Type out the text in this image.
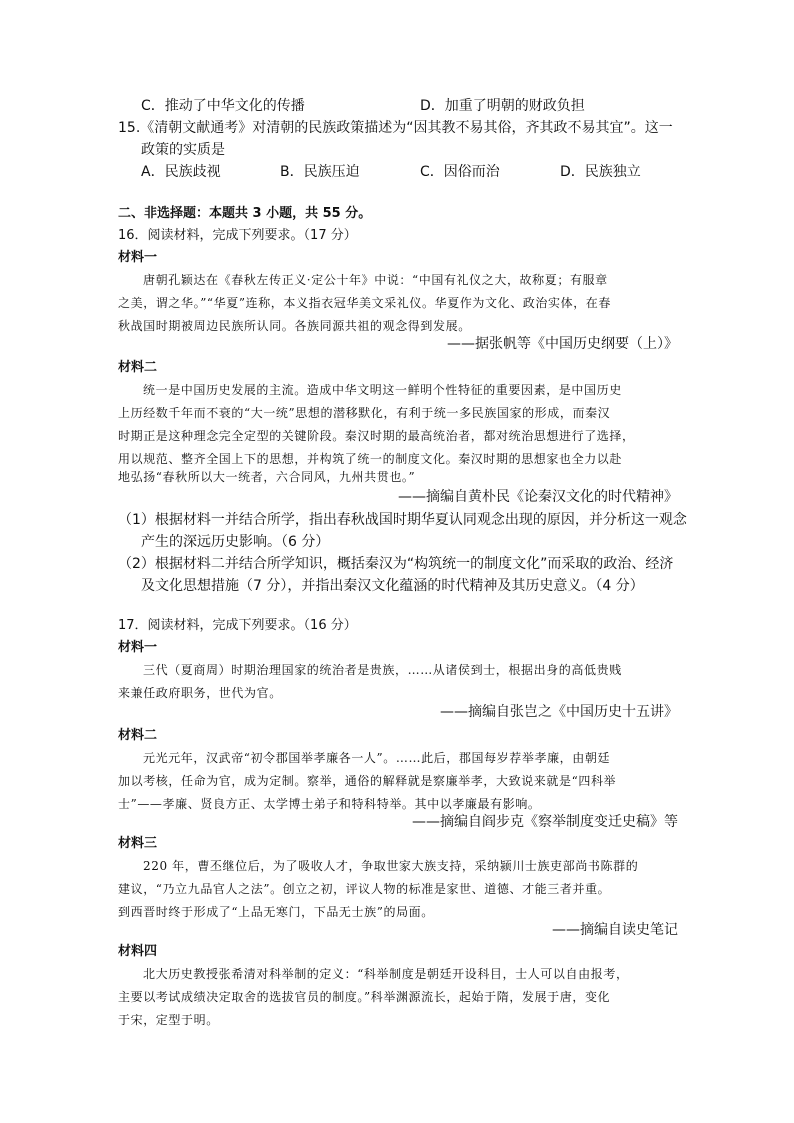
C．推动了中华文化的传播	D．加重了明朝的财政负担
15.《清朝文献通考》对清朝的民族政策描述为“因其教不易其俗，齐其政不易其宜”。这一
政策的实质是
A．民族歧视	B．民族压迫	C．因俗而治	D．民族独立
二、非选择题：本题共 3 小题，共 55 分。
16．阅读材料，完成下列要求。（17 分）
材料一
唐朝孔颖达在《春秋左传正义·定公十年》中说：“中国有礼仪之大，故称夏；有服章
之美，谓之华。”“华夏”连称，本义指衣冠华美文采礼仪。华夏作为文化、政治实体，在春
秋战国时期被周边民族所认同。各族同源共祖的观念得到发展。
——据张帆等《中国历史纲要（上）》
材料二
统一是中国历史发展的主流。造成中华文明这一鲜明个性特征的重要因素，是中国历史
上历经数千年而不衰的“大一统”思想的潜移默化，有利于统一多民族国家的形成，而秦汉
时期正是这种理念完全定型的关键阶段。秦汉时期的最高统治者，都对统治思想进行了选择，
用以规范、整齐全国上下的思想，并构筑了统一的制度文化。秦汉时期的思想家也全力以赴
地弘扬“春秋所以大一统者，六合同风，九州共贯也。”
——摘编自黄朴民《论秦汉文化的时代精神》
（1）根据材料一并结合所学，指出春秋战国时期华夏认同观念出现的原因，并分析这一观念
产生的深远历史影响。（6 分）
（2）根据材料二并结合所学知识，概括秦汉为“构筑统一的制度文化”而采取的政治、经济
及文化思想措施（7 分），并指出秦汉文化蕴涵的时代精神及其历史意义。（4 分）
17．阅读材料，完成下列要求。（16 分）
材料一
三代（夏商周）时期治理国家的统治者是贵族，……从诸侯到士，根据出身的高低贵贱
来兼任政府职务，世代为官。
——摘编自张岂之《中国历史十五讲》
材料二
元光元年，汉武帝“初令郡国举孝廉各一人”。……此后，郡国每岁荐举孝廉，由朝廷
加以考核，任命为官，成为定制。察举，通俗的解释就是察廉举孝，大致说来就是“四科举
士”——孝廉、贤良方正、太学博士弟子和特科特举。其中以孝廉最有影响。
——摘编自阎步克《察举制度变迁史稿》等
材料三
220 年，曹丕继位后，为了吸收人才，争取世家大族支持，采纳颍川士族吏部尚书陈群的
建议，“乃立九品官人之法”。创立之初，评议人物的标准是家世、道德、才能三者并重。
到西晋时终于形成了“上品无寒门，下品无士族”的局面。
——摘编自读史笔记
材料四
北大历史教授张希清对科举制的定义：“科举制度是朝廷开设科目，士人可以自由报考，
主要以考试成绩决定取舍的选拔官员的制度。”科举渊源流长，起始于隋，发展于唐，变化
于宋，定型于明。
